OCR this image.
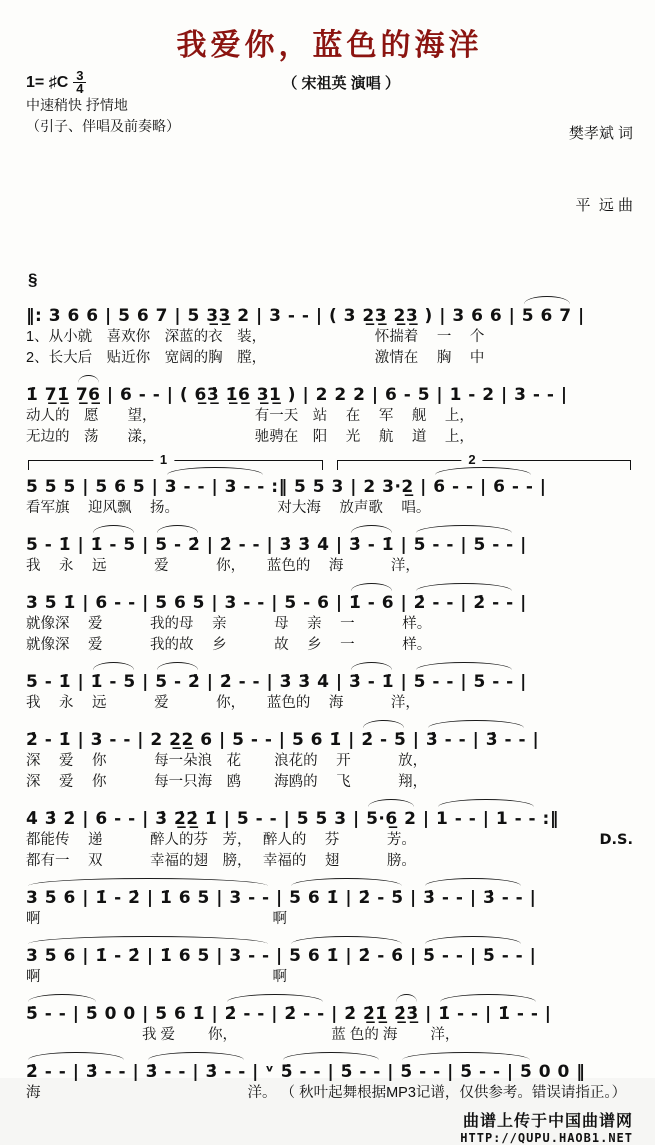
我爱你，蓝色的海洋
1= ♯C $\frac{3}{4}$
中速稍快 抒情地
（引子、伴唱及前奏略）
（ 宋祖英 演唱 ）

樊孝斌 词

平  远 曲

§
‖: 3 6 6 | 5 6 7 | 5 3̲3̲ 2 | 3 - - | ( 3 2̲3̲ 2̲3̲ ) | 3 6 6 | 5 6 7 |
1、从小就　喜欢你　深蓝的衣　装，　　　　　　　　怀揣着　 一　 个
2、长大后　贴近你　宽阔的胸　膛，　　　　　　　　激情在　 胸　 中
1̇ 7̲1̲̇ 7̲6̲ | 6 - - | ( 6̲3̲̇ 1̲̇6̲ 3̲1̲ ) | 2 2 2 | 6 - 5 | 1 - 2 | 3 - - |
动人的　愿　　望，　　　　　　　 有一天　站　 在　 军　 舰　 上，
无边的　荡　　漾，　　　　　　　 驰骋在　阳　 光　 航　 道　 上，
1	2
5 5 5 | 5 6 5 | 3 - - | 3 - - :‖ 5 5 3 | 2 3·2̲ | 6 - - | 6 - - |
看军旗　 迎风飘　 扬。　　　　　　　 对大海　 放声歌　 唱。
5 - 1̇ | 1̇ - 5 | 5 - 2̇ | 2̇ - - | 3̇ 3̇ 4̇ | 3̇ - 1̇ | 5 - - | 5 - - |
我　 永　 远　　　 爱　　　 你，　　蓝色的　 海　　　 洋，
3 5 1̇ | 6 - - | 5 6 5 | 3 - - | 5 - 6 | 1̇ - 6 | 2̇ - - | 2̇ - - |
就像深　 爱　　　 我的母　 亲　　　 母　 亲　 一　　　 样。
就像深　 爱　　　 我的故　 乡　　　 故　 乡　 一　　　 样。
5 - 1̇ | 1̇ - 5 | 5 - 2̇ | 2̇ - - | 3̇ 3̇ 4̇ | 3̇ - 1̇ | 5 - - | 5 - - |
我　 永　 远　　　 爱　　　 你，　　蓝色的　 海　　　 洋，
2̇ - 1̇ | 3 - - | 2 2̲2̲ 6 | 5 - - | 5 6 1̇ | 2̇ - 5̇ | 3̇ - - | 3̇ - - |
深　 爱　 你　　　 每一朵浪　花　　 浪花的　 开　　　 放，
深　 爱　 你　　　 每一只海　鸥　　 海鸥的　 飞　　　 翔，
4̇ 3̇ 2̇ | 6 - - | 3̇ 2̲̇2̲̇ 1̇ | 5 - - | 5 5 3 | 5·6̲ 2 | 1 - - | 1 - - :‖
都能传　 递　　　 醉人的芬　芳，　 醉人的　 芬　　　 芳。	D.S.
都有一　 双　　　 幸福的翅　膀，　 幸福的　 翅　　　 膀。
3 5 6 | 1̇ - 2̇ | 1̇ 6 5 | 3 - - | 5 6 1̇ | 2̇ - 5̇ | 3̇ - - | 3̇ - - |
啊　　　　　　　　　　　　　　　　啊
3 5 6 | 1̇ - 2̇ | 1̇ 6 5 | 3 - - | 5 6 1̇ | 2̇ - 6̇ | 5̇ - - | 5̇ - - |
啊　　　　　　　　　　　　　　　　啊
5̇ - - | 5̇ 0 0 | 5 6 1̇ | 2̇ - - | 2̇ - - | 2̇ 2̲̇1̲̇ 2̲̇3̲̇ | 1̇ - - | 1̇ - - |
　　　　　　　　我 爱　　 你，　　　　　　　蓝 色的 海　　 洋，
2̇ - - | 3̇ - - | 3̇ - - | 3̇ - - | ᵛ 5̇ - - | 5̇ - - | 5̇ - - | 5̇ - - | 5̇ 0 0 ‖
海　　　　　　　　　　　　　　 洋。 （ 秋叶起舞根据MP3记谱，仅供参考。错误请指正。）
曲谱上传于中国曲谱网
HTTP://QUPU.HAOB1.NET
